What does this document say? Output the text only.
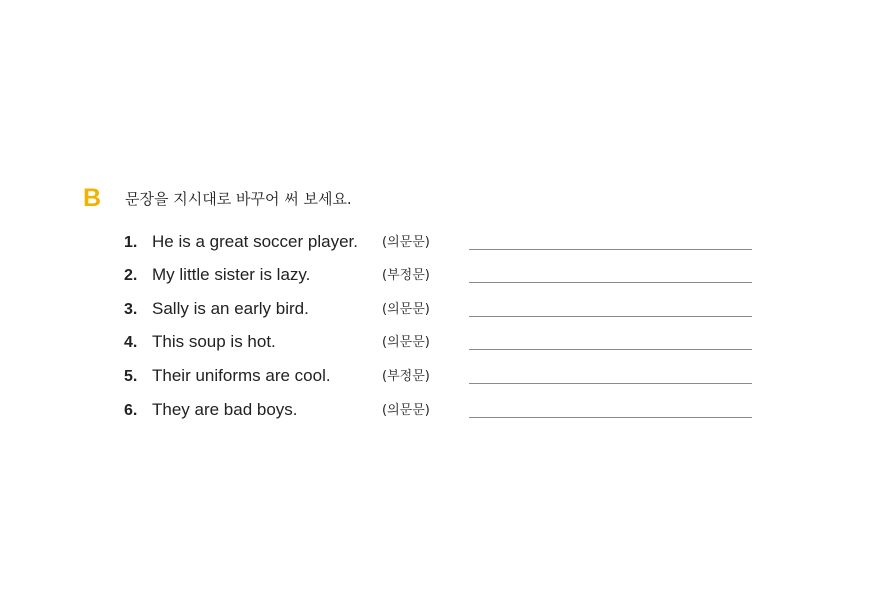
B 문장을 지시대로 바꾸어 써 보세요.
1. He is a great soccer player. (의문문)
2. My little sister is lazy.	(부정문)
3. Sally is an early bird.	(의문문)
4. This soup is hot.	(의문문)
5. Their uniforms are cool.	(부정문)
6. They are bad boys.	(의문문)
